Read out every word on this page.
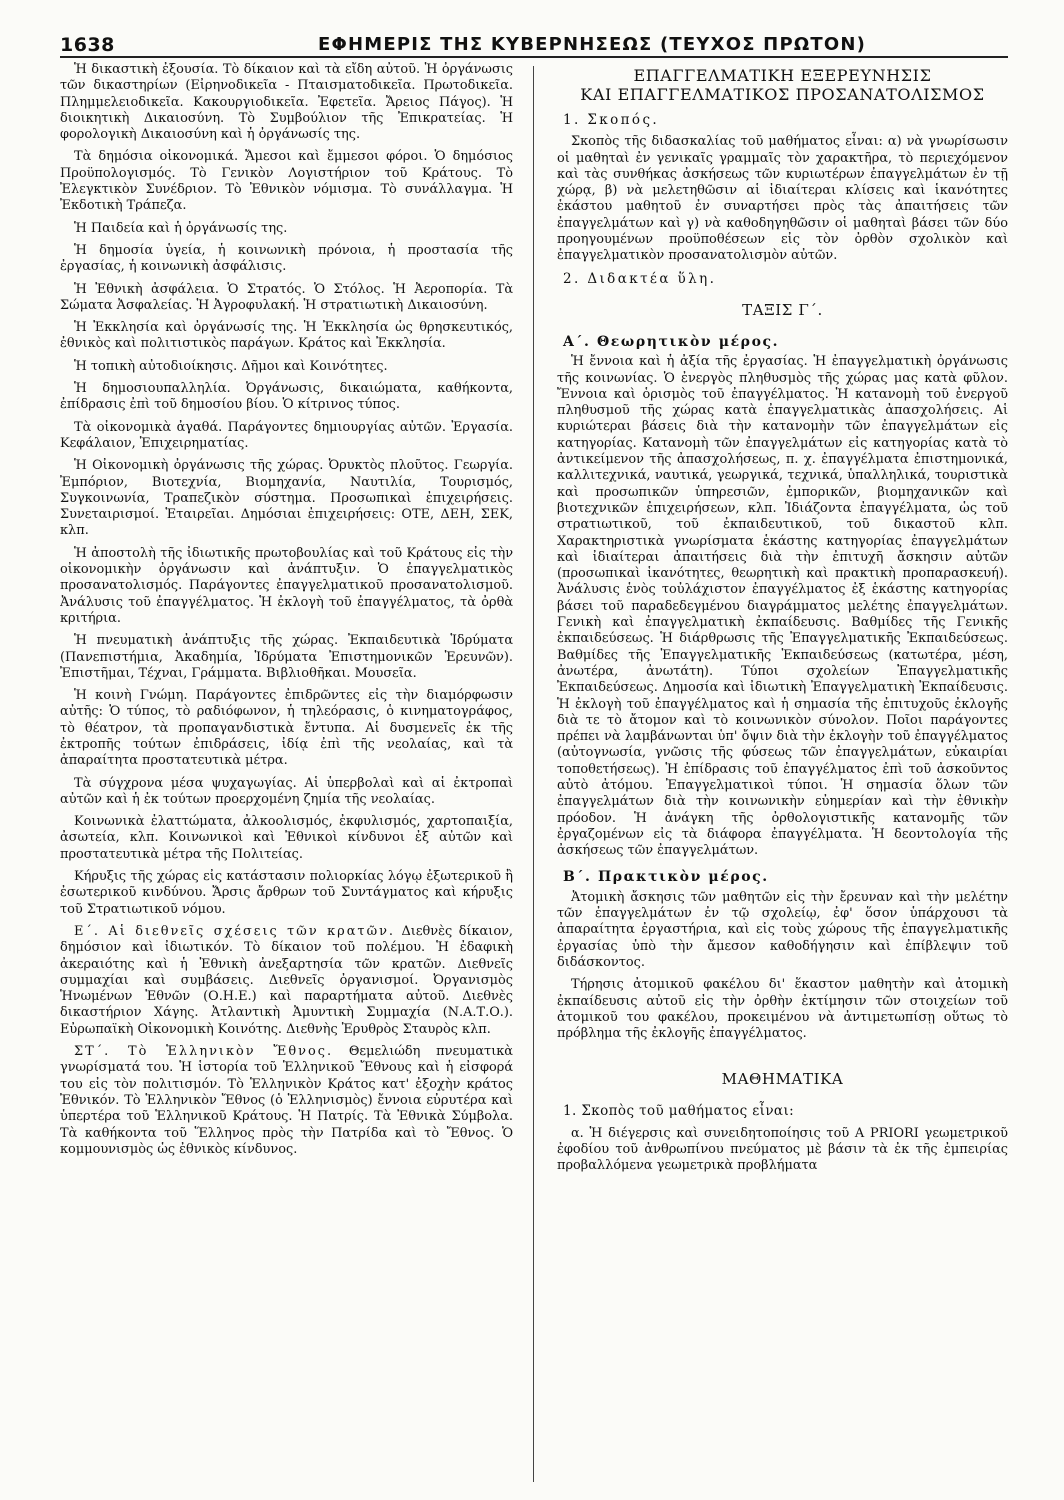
1638	ΕΦΗΜΕΡΙΣ ΤΗΣ ΚΥΒΕΡΝΗΣΕΩΣ (ΤΕΥΧΟΣ ΠΡΩΤΟΝ)

Ἡ δικαστικὴ ἐξουσία. Τὸ δίκαιον καὶ τὰ εἴδη αὐτοῦ. Ἡ ὀργάνωσις τῶν δικαστηρίων (Εἰρηνοδικεῖα - Πταισματοδικεῖα. Πρωτοδικεῖα. Πλημμελειοδικεῖα. Κακουργιοδικεῖα. Ἐφετεῖα. Ἄρειος Πάγος). Ἡ διοικητικὴ Δικαιοσύνη. Τὸ Συμβούλιον τῆς Ἐπικρατείας. Ἡ φορολογικὴ Δικαιοσύνη καὶ ἡ ὀργάνωσίς της.

Τὰ δημόσια οἰκονομικά. Ἄμεσοι καὶ ἔμμεσοι φόροι. Ὁ δημόσιος Προϋπολογισμός. Τὸ Γενικὸν Λογιστήριον τοῦ Κράτους. Τὸ Ἐλεγκτικὸν Συνέδριον. Τὸ Ἐθνικὸν νόμισμα. Τὸ συνάλλαγμα. Ἡ Ἐκδοτικὴ Τράπεζα.

Ἡ Παιδεία καὶ ἡ ὀργάνωσίς της.

Ἡ δημοσία ὑγεία, ἡ κοινωνικὴ πρόνοια, ἡ προστασία τῆς ἐργασίας, ἡ κοινωνικὴ ἀσφάλισις.

Ἡ Ἐθνικὴ ἀσφάλεια. Ὁ Στρατός. Ὁ Στόλος. Ἡ Ἀεροπορία. Τὰ Σώματα Ἀσφαλείας. Ἡ Ἀγροφυλακή. Ἡ στρατιωτικὴ Δικαιοσύνη.

Ἡ Ἐκκλησία καὶ ὀργάνωσίς της. Ἡ Ἐκκλησία ὡς θρησκευτικός, ἐθνικὸς καὶ πολιτιστικὸς παράγων. Κράτος καὶ Ἐκκλησία.

Ἡ τοπικὴ αὐτοδιοίκησις. Δῆμοι καὶ Κοινότητες.

Ἡ δημοσιουπαλληλία. Ὀργάνωσις, δικαιώματα, καθήκοντα, ἐπίδρασις ἐπὶ τοῦ δημοσίου βίου. Ὁ κίτρινος τύπος.

Τὰ οἰκονομικὰ ἀγαθά. Παράγοντες δημιουργίας αὐτῶν. Ἐργασία. Κεφάλαιον, Ἐπιχειρηματίας.

Ἡ Οἰκονομικὴ ὀργάνωσις τῆς χώρας. Ὀρυκτὸς πλοῦτος. Γεωργία. Ἐμπόριον, Βιοτεχνία, Βιομηχανία, Ναυτιλία, Τουρισμός, Συγκοινωνία, Τραπεζικὸν σύστημα. Προσωπικαὶ ἐπιχειρήσεις. Συνεταιρισμοί. Ἑταιρεῖαι. Δημόσιαι ἐπιχειρήσεις: ΟΤΕ, ΔΕΗ, ΣΕΚ, κλπ.

Ἡ ἀποστολὴ τῆς ἰδιωτικῆς πρωτοβουλίας καὶ τοῦ Κράτους εἰς τὴν οἰκονομικὴν ὀργάνωσιν καὶ ἀνάπτυξιν. Ὁ ἐπαγγελματικὸς προσανατολισμός. Παράγοντες ἐπαγγελματικοῦ προσανατολισμοῦ. Ἀνάλυσις τοῦ ἐπαγγέλματος. Ἡ ἐκλογὴ τοῦ ἐπαγγέλματος, τὰ ὀρθὰ κριτήρια.

Ἡ πνευματικὴ ἀνάπτυξις τῆς χώρας. Ἐκπαιδευτικὰ Ἱδρύματα (Πανεπιστήμια, Ἀκαδημία, Ἱδρύματα Ἐπιστημονικῶν Ἐρευνῶν). Ἐπιστῆμαι, Τέχναι, Γράμματα. Βιβλιοθῆκαι. Μουσεῖα.

Ἡ κοινὴ Γνώμη. Παράγοντες ἐπιδρῶντες εἰς τὴν διαμόρφωσιν αὐτῆς: Ὁ τύπος, τὸ ραδιόφωνον, ἡ τηλεόρασις, ὁ κινηματογράφος, τὸ θέατρον, τὰ προπαγανδιστικὰ ἔντυπα. Αἱ δυσμενεῖς ἐκ τῆς ἐκτροπῆς τούτων ἐπιδράσεις, ἰδίᾳ ἐπὶ τῆς νεολαίας, καὶ τὰ ἀπαραίτητα προστατευτικὰ μέτρα.

Τὰ σύγχρονα μέσα ψυχαγωγίας. Αἱ ὑπερβολαὶ καὶ αἱ ἐκτροπαὶ αὐτῶν καὶ ἡ ἐκ τούτων προερχομένη ζημία τῆς νεολαίας.

Κοινωνικὰ ἐλαττώματα, ἀλκοολισμός, ἐκφυλισμός, χαρτοπαιξία, ἀσωτεία, κλπ. Κοινωνικοὶ καὶ Ἐθνικοὶ κίνδυνοι ἐξ αὐτῶν καὶ προστατευτικὰ μέτρα τῆς Πολιτείας.

Κήρυξις τῆς χώρας εἰς κατάστασιν πολιορκίας λόγῳ ἐξωτερικοῦ ἢ ἐσωτερικοῦ κινδύνου. Ἄρσις ἄρθρων τοῦ Συντάγματος καὶ κήρυξις τοῦ Στρατιωτικοῦ νόμου.

Ε΄. Αἱ διεθνεῖς σχέσεις τῶν κρατῶν. Διεθνὲς δίκαιον, δημόσιον καὶ ἰδιωτικόν. Τὸ δίκαιον τοῦ πολέμου. Ἡ ἐδαφικὴ ἀκεραιότης καὶ ἡ Ἐθνικὴ ἀνεξαρτησία τῶν κρατῶν. Διεθνεῖς συμμαχίαι καὶ συμβάσεις. Διεθνεῖς ὀργανισμοί. Ὀργανισμὸς Ἡνωμένων Ἐθνῶν (Ο.Η.Ε.) καὶ παραρτήματα αὐτοῦ. Διεθνὲς δικαστήριον Χάγης. Ἀτλαντικὴ Ἀμυντικὴ Συμμαχία (Ν.Α.Τ.Ο.). Εὐρωπαϊκὴ Οἰκονομικὴ Κοινότης. Διεθνὴς Ἐρυθρὸς Σταυρὸς κλπ.

ΣΤ΄. Τὸ Ἑλληνικὸν Ἔθνος. Θεμελιώδη πνευματικὰ γνωρίσματά του. Ἡ ἱστορία τοῦ Ἑλληνικοῦ Ἔθνους καὶ ἡ εἰσφορά του εἰς τὸν πολιτισμόν. Τὸ Ἑλληνικὸν Κράτος κατ' ἐξοχὴν κράτος Ἐθνικόν. Τὸ Ἑλληνικὸν Ἔθνος (ὁ Ἑλληνισμὸς) ἔννοια εὐρυτέρα καὶ ὑπερτέρα τοῦ Ἑλληνικοῦ Κράτους. Ἡ Πατρίς. Τὰ Ἐθνικὰ Σύμβολα. Τὰ καθήκοντα τοῦ Ἕλληνος πρὸς τὴν Πατρίδα καὶ τὸ Ἔθνος. Ὁ κομμουνισμὸς ὡς ἐθνικὸς κίνδυνος.

ΕΠΑΓΓΕΛΜΑΤΙΚΗ ΕΞΕΡΕΥΝΗΣΙΣ
ΚΑΙ ΕΠΑΓΓΕΛΜΑΤΙΚΟΣ ΠΡΟΣΑΝΑΤΟΛΙΣΜΟΣ
1. Σκοπός.

Σκοπὸς τῆς διδασκαλίας τοῦ μαθήματος εἶναι: α) νὰ γνωρίσωσιν οἱ μαθηταὶ ἐν γενικαῖς γραμμαῖς τὸν χαρακτῆρα, τὸ περιεχόμενον καὶ τὰς συνθήκας ἀσκήσεως τῶν κυριωτέρων ἐπαγγελμάτων ἐν τῇ χώρᾳ, β) νὰ μελετηθῶσιν αἱ ἰδιαίτεραι κλίσεις καὶ ἱκανότητες ἑκάστου μαθητοῦ ἐν συναρτήσει πρὸς τὰς ἀπαιτήσεις τῶν ἐπαγγελμάτων καὶ γ) νὰ καθοδηγηθῶσιν οἱ μαθηταὶ βάσει τῶν δύο προηγουμένων προϋποθέσεων εἰς τὸν ὀρθὸν σχολικὸν καὶ ἐπαγγελματικὸν προσανατολισμὸν αὐτῶν.

2. Διδακτέα ὕλη.
ΤΑΞΙΣ Γ΄.
Α΄. Θεωρητικὸν μέρος.

Ἡ ἔννοια καὶ ἡ ἀξία τῆς ἐργασίας. Ἡ ἐπαγγελματικὴ ὀργάνωσις τῆς κοινωνίας. Ὁ ἐνεργὸς πληθυσμὸς τῆς χώρας μας κατὰ φῦλον. Ἔννοια καὶ ὁρισμὸς τοῦ ἐπαγγέλματος. Ἡ κατανομὴ τοῦ ἐνεργοῦ πληθυσμοῦ τῆς χώρας κατὰ ἐπαγγελματικὰς ἀπασχολήσεις. Αἱ κυριώτεραι βάσεις διὰ τὴν κατανομὴν τῶν ἐπαγγελμάτων εἰς κατηγορίας. Κατανομὴ τῶν ἐπαγγελμάτων εἰς κατηγορίας κατὰ τὸ ἀντικείμενον τῆς ἀπασχολήσεως, π. χ. ἐπαγγέλματα ἐπιστημονικά, καλλιτεχνικά, ναυτικά, γεωργικά, τεχνικά, ὑπαλληλικά, τουριστικὰ καὶ προσωπικῶν ὑπηρεσιῶν, ἐμπορικῶν, βιομηχανικῶν καὶ βιοτεχνικῶν ἐπιχειρήσεων, κλπ. Ἰδιάζοντα ἐπαγγέλματα, ὡς τοῦ στρατιωτικοῦ, τοῦ ἐκπαιδευτικοῦ, τοῦ δικαστοῦ κλπ. Χαρακτηριστικὰ γνωρίσματα ἑκάστης κατηγορίας ἐπαγγελμάτων καὶ ἰδιαίτεραι ἀπαιτήσεις διὰ τὴν ἐπιτυχῆ ἄσκησιν αὐτῶν (προσωπικαὶ ἱκανότητες, θεωρητικὴ καὶ πρακτικὴ προπαρασκευή). Ἀνάλυσις ἑνὸς τοὐλάχιστον ἐπαγγέλματος ἐξ ἑκάστης κατηγορίας βάσει τοῦ παραδεδεγμένου διαγράμματος μελέτης ἐπαγγελμάτων. Γενικὴ καὶ ἐπαγγελματικὴ ἐκπαίδευσις. Βαθμίδες τῆς Γενικῆς ἐκπαιδεύσεως. Ἡ διάρθρωσις τῆς Ἐπαγγελματικῆς Ἐκπαιδεύσεως. Βαθμίδες τῆς Ἐπαγγελματικῆς Ἐκπαιδεύσεως (κατωτέρα, μέση, ἀνωτέρα, ἀνωτάτη). Τύποι σχολείων Ἐπαγγελματικῆς Ἐκπαιδεύσεως. Δημοσία καὶ ἰδιωτικὴ Ἐπαγγελματικὴ Ἐκπαίδευσις. Ἡ ἐκλογὴ τοῦ ἐπαγγέλματος καὶ ἡ σημασία τῆς ἐπιτυχοῦς ἐκλογῆς διὰ τε τὸ ἄτομον καὶ τὸ κοινωνικὸν σύνολον. Ποῖοι παράγοντες πρέπει νὰ λαμβάνωνται ὑπ' ὄψιν διὰ τὴν ἐκλογὴν τοῦ ἐπαγγέλματος (αὐτογνωσία, γνῶσις τῆς φύσεως τῶν ἐπαγγελμάτων, εὐκαιρίαι τοποθετήσεως). Ἡ ἐπίδρασις τοῦ ἐπαγγέλματος ἐπὶ τοῦ ἀσκοῦντος αὐτὸ ἀτόμου. Ἐπαγγελματικοὶ τύποι. Ἡ σημασία ὅλων τῶν ἐπαγγελμάτων διὰ τὴν κοινωνικὴν εὐημερίαν καὶ τὴν ἐθνικὴν πρόοδον. Ἡ ἀνάγκη τῆς ὀρθολογιστικῆς κατανομῆς τῶν ἐργαζομένων εἰς τὰ διάφορα ἐπαγγέλματα. Ἡ δεοντολογία τῆς ἀσκήσεως τῶν ἐπαγγελμάτων.

Β΄. Πρακτικὸν μέρος.

Ἀτομικὴ ἄσκησις τῶν μαθητῶν εἰς τὴν ἔρευναν καὶ τὴν μελέτην τῶν ἐπαγγελμάτων ἐν τῷ σχολείῳ, ἐφ' ὅσον ὑπάρχουσι τὰ ἀπαραίτητα ἐργαστήρια, καὶ εἰς τοὺς χώρους τῆς ἐπαγγελματικῆς ἐργασίας ὑπὸ τὴν ἄμεσον καθοδήγησιν καὶ ἐπίβλεψιν τοῦ διδάσκοντος.

Τήρησις ἀτομικοῦ φακέλου δι' ἕκαστον μαθητὴν καὶ ἀτομικὴ ἐκπαίδευσις αὐτοῦ εἰς τὴν ὀρθὴν ἐκτίμησιν τῶν στοιχείων τοῦ ἀτομικοῦ του φακέλου, προκειμένου νὰ ἀντιμετωπίσῃ οὕτως τὸ πρόβλημα τῆς ἐκλογῆς ἐπαγγέλματος.

ΜΑΘΗΜΑΤΙΚΑ
1. Σκοπὸς τοῦ μαθήματος εἶναι:

α. Ἡ διέγερσις καὶ συνειδητοποίησις τοῦ A PRIORI γεωμετρικοῦ ἐφοδίου τοῦ ἀνθρωπίνου πνεύματος μὲ βάσιν τὰ ἐκ τῆς ἐμπειρίας προβαλλόμενα γεωμετρικὰ προβλήματα
